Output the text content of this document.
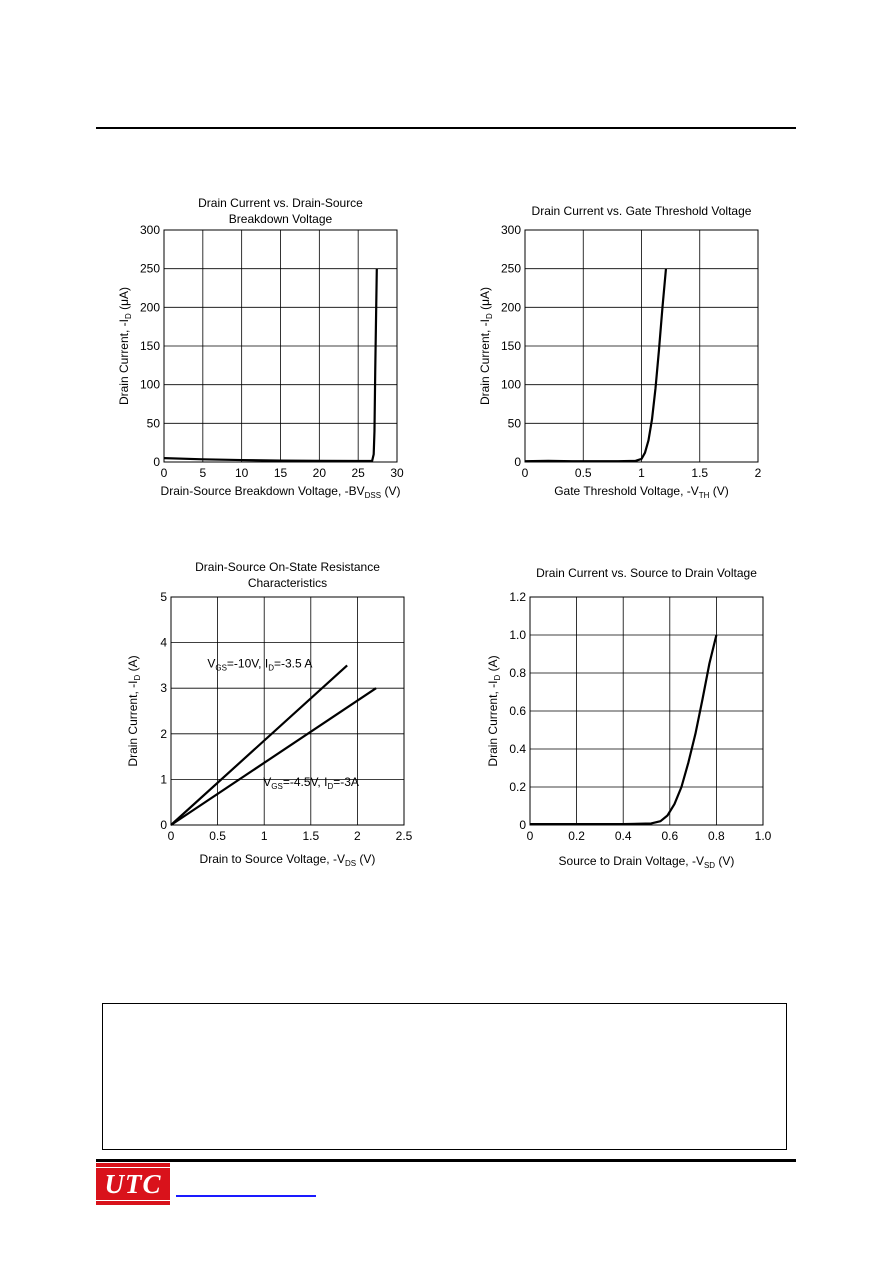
0	5 10 15 20 25 30
0
50
100
150
200
250
300
Drain Current vs. Drain-Source
Breakdown Voltage
Drain-Source Breakdown Voltage, $-BV_{DSS}$ (V)
Drain Current, $-I_D$ (μA)
0	0.5	1	1.5	2
0
50
100
150
200
250
300
Drain Current vs. Gate Threshold Voltage
Gate Threshold Voltage, $-V_{TH}$ (V)
Drain Current, $-I_D$ (μA)
0	0.5	1	1.5	2	2.5
0
1
2
3
4
5
Drain-Source On-State Resistance
Characteristics
Drain to Source Voltage, $-V_{DS}$ (V)
Drain Current, $-I_D$ (A)	$V_{GS}=-10V$, $I_D=-3.5$ A
$V_{GS}=-4.5V$, $I_D=-3A$
0	0.2 0.4 0.6 0.8 1.0
0
0.2
0.4
0.6
0.8
1.0
1.2
Drain Current vs. Source to Drain Voltage
Source to Drain Voltage, $-V_{SD}$ (V)
Drain Current, $-I_D$ (A)
UTC
